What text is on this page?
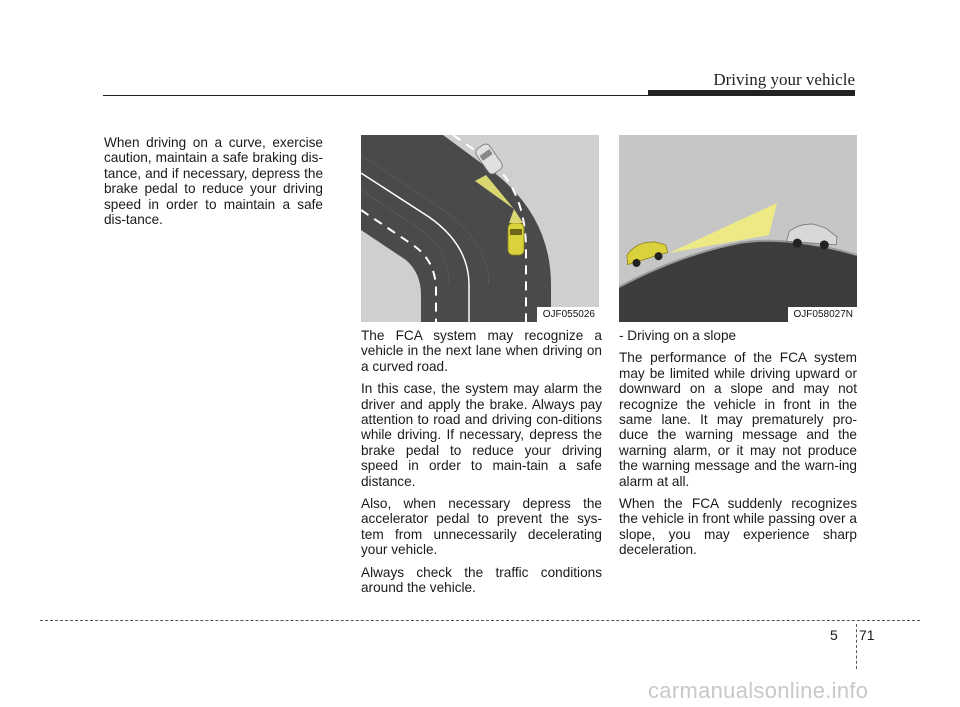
Driving your vehicle

When driving on a curve, exercise caution, maintain a safe braking dis-tance, and if necessary, depress the brake pedal to reduce your driving speed in order to maintain a safe dis-tance.

OJF055026	OJF058027N

The FCA system may recognize a vehicle in the next lane when driving on a curved road.

In this case, the system may alarm the driver and apply the brake. Always pay attention to road and driving con-ditions while driving. If necessary, depress the brake pedal to reduce your driving speed in order to main-tain a safe distance.

Also, when necessary depress the accelerator pedal to prevent the sys-tem from unnecessarily decelerating your vehicle.

Always check the traffic conditions around the vehicle.

- Driving on a slope

The performance of the FCA system may be limited while driving upward or downward on a slope and may not recognize the vehicle in front in the same lane. It may prematurely pro-duce the warning message and the warning alarm, or it may not produce the warning message and the warn-ing alarm at all.

When the FCA suddenly recognizes the vehicle in front while passing over a slope, you may experience sharp deceleration.

5 71
carmanualsonline.info
